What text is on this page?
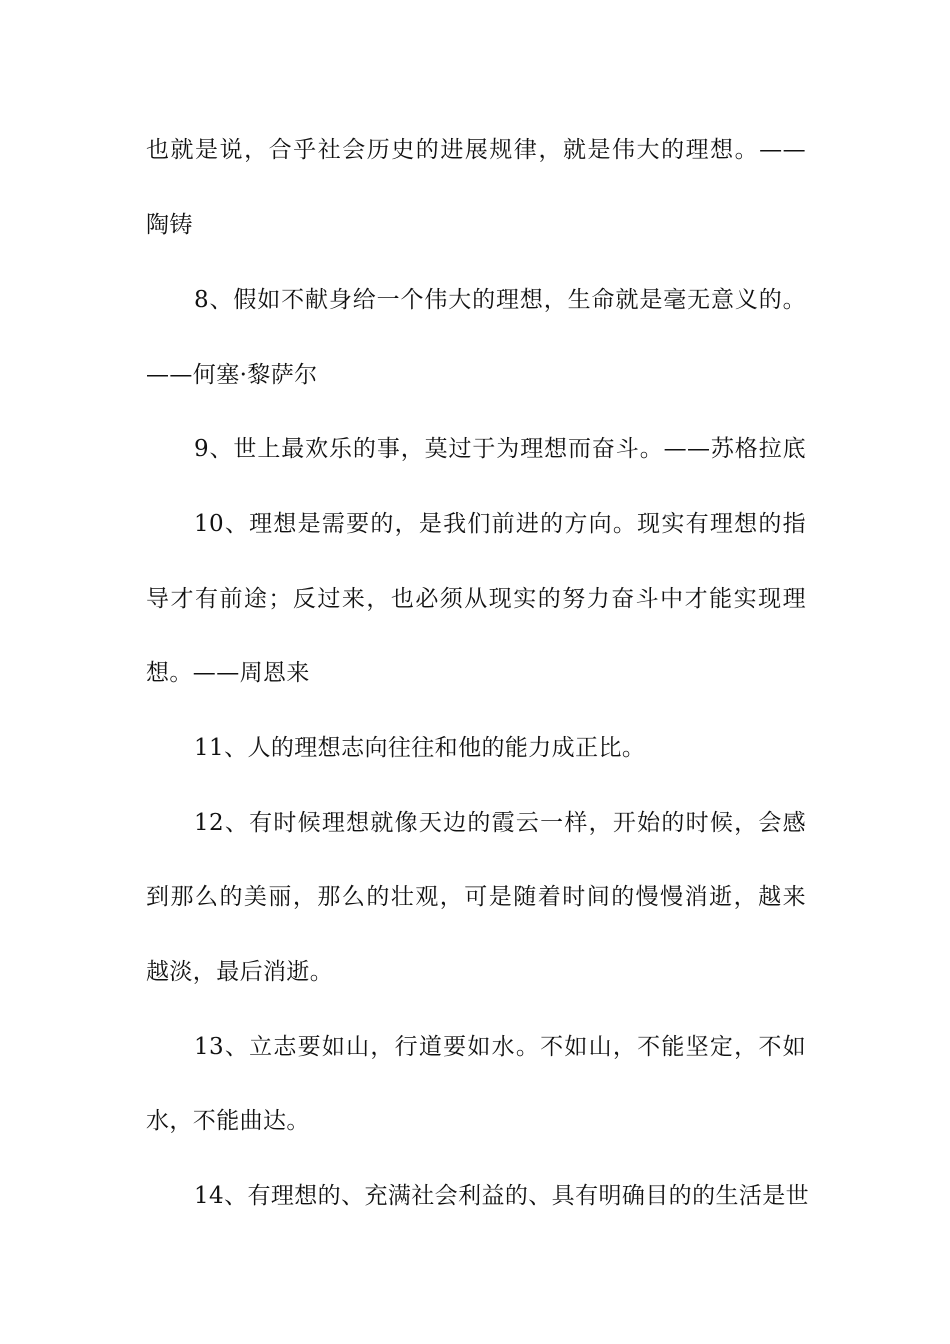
也就是说，合乎社会历史的进展规律，就是伟大的理想。——
陶铸
8、假如不献身给一个伟大的理想，生命就是毫无意义的。
——何塞·黎萨尔
9、世上最欢乐的事，莫过于为理想而奋斗。——苏格拉底
10、理想是需要的，是我们前进的方向。现实有理想的指
导才有前途；反过来，也必须从现实的努力奋斗中才能实现理
想。——周恩来
11、人的理想志向往往和他的能力成正比。
12、有时候理想就像天边的霞云一样，开始的时候，会感
到那么的美丽，那么的壮观，可是随着时间的慢慢消逝，越来
越淡，最后消逝。
13、立志要如山，行道要如水。不如山，不能坚定，不如
水，不能曲达。
14、有理想的、充满社会利益的、具有明确目的的生活是世
